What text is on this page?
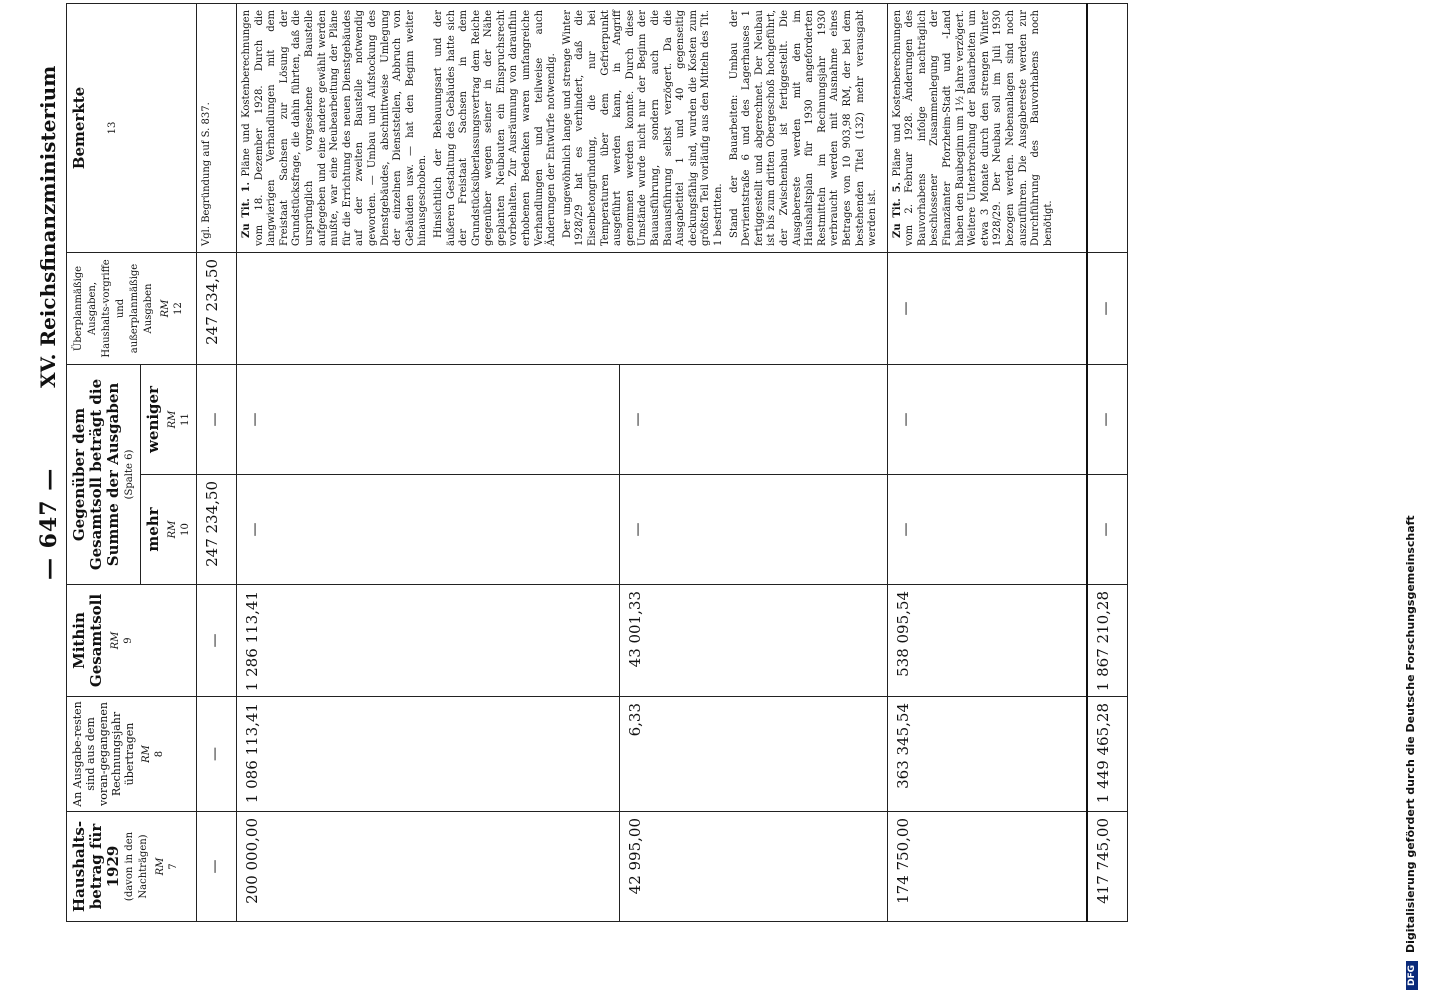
— 647 —
XV. Reichsfinanzministerium
Haushalts-betrag für 1929 (davon in den Nachträgen) RM 7	An Ausgabe-resten sind aus dem voran-gegangenen Rechnungsjahr übertragen RM 8	Mithin Gesamtsoll RM 9	Gegenüber dem Gesamtsoll beträgt die Summe der Ausgaben (Spalte 6)		Überplanmäßige Ausgaben, Haushalts-vorgriffe und außerplanmäßige Ausgaben RM 12	Bemerkte 13

			mehr RM 10	weniger RM 11		

—	—	—	247 234,50	—	247 234,50	Vgl. Begründung auf S. 837.
200 000,00	1 086 113,41	1 286 113,41	—	—		Zu Tit. 1. Pläne und Kostenberechnungen vom 18. Dezember 1928. Durch die langwierigen Verhandlungen mit dem Freistaat Sachsen zur Lösung der Grundstücksfrage, die dahin führten, daß die ursprünglich vorgesehene Baustelle aufgegeben und eine andere gewählt werden mußte, war eine Neubearbeitung der Pläne für die Errichtung des neuen Dienstgebäudes auf der zweiten Baustelle notwendig geworden. — Umbau und Aufstockung des Dienstgebäudes, abschnittweise Umlegung der einzelnen Dienststellen, Abbruch von Gebäuden usw. — hat den Beginn weiter hinausgeschoben. Hinsichtlich der Bebauungsart und der äußeren Gestaltung des Gebäudes hatte sich der Freistaat Sachsen in dem Grundstücksüberlassungsvertrag dem Reiche gegenüber wegen seiner in der Nähe geplanten Neubauten ein Einspruchsrecht vorbehalten. Zur Ausräumung von daraufhin erhobenen Bedenken waren umfangreiche Verhandlungen und teilweise auch Änderungen der Entwürfe notwendig. Der ungewöhnlich lange und strenge Winter 1928/29 hat es verhindert, daß die Eisenbetongründung, die nur bei Temperaturen über dem Gefrierpunkt ausgeführt werden kann, in Angriff genommen werden konnte. Durch diese Umstände wurde nicht nur der Beginn der Bauausführung, sondern auch die Bauausführung selbst verzögert. Da die Ausgabetitel 1 und 40 gegenseitig deckungsfähig sind, wurden die Kosten zum größten Teil vorläufig aus den Mitteln des Tit. 1 bestritten. Stand der Bauarbeiten: Umbau der Devrientstraße 6 und des Lagerhauses 1 fertiggestellt und abgerechnet. Der Neubau ist bis zum dritten Obergeschoß hochgeführt, der Zwischenbau ist fertiggestellt. Die Ausgabereste werden mit den im Haushaltsplan für 1930 angeforderten Restmitteln im Rechnungsjahr 1930 verbraucht werden mit Ausnahme eines Betrages von 10 903,98 RM, der bei dem bestehenden Titel (132) mehr verausgabt werden ist.

42 995,00	6,33	43 001,33	—	—		
174 750,00	363 345,54	538 095,54	—	—	—	Zu Tit. 5. Pläne und Kostenberechnungen vom 2. Februar 1928. Änderungen des Bauvorhabens infolge nachträglich beschlossener Zusammenlegung der Finanzämter Pforzheim-Stadt und -Land haben den Baubeginn um 1½ Jahre verzögert. Weitere Unterbrechung der Bauarbeiten um etwa 3 Monate durch den strengen Winter 1928/29. Der Neubau soll im Juli 1930 bezogen werden. Nebenanlagen sind noch auszuführen. Die Ausgabereste werden zur Durchführung des Bauvorhabens noch benötigt.

417 745,00	1 449 465,28	1 867 210,28	—	—	—	
DFGDigitalisierung gefördert durch die Deutsche Forschungsgemeinschaft
